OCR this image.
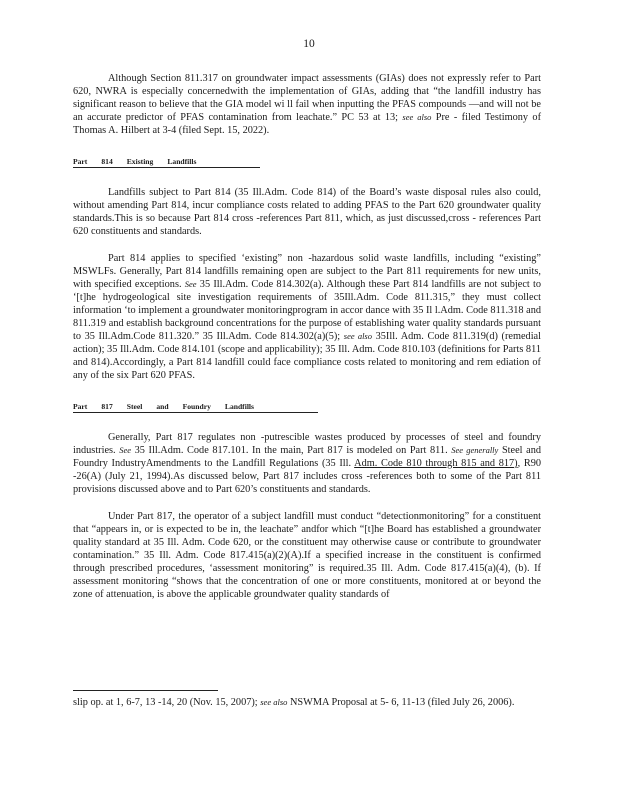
10

Although Section 811.317 on groundwater impact assessments (GIAs) does not expressly refer to Part 620, NWRA is especially concernedwith the implementation of GIAs, adding that “the landfill industry has significant reason to believe that the GIA model wi ll fail when inputting the PFAS compounds —and will not be an accurate predictor of PFAS contamination from leachate.” PC 53 at 13; see also Pre - filed Testimony of Thomas A. Hilbert at 3-4 (filed Sept. 15, 2022).

Part 814 Existing Landfills

Landfills subject to Part 814 (35 Ill.Adm. Code 814) of the Board’s waste disposal rules also could, without amending Part 814, incur compliance costs related to adding PFAS to the Part 620 groundwater quality standards.This is so because Part 814 cross -references Part 811, which, as just discussed,cross - references Part 620 constituents and standards.

Part 814 applies to specified ‘existing” non -hazardous solid waste landfills, including “existing” MSWLFs. Generally, Part 814 landfills remaining open are subject to the Part 811 requirements for new units, with specified exceptions. See 35 Ill.Adm. Code 814.302(a). Although these Part 814 landfills are not subject to ‘[t]he hydrogeological site investigation requirements of 35Ill.Adm. Code 811.315,” they must collect information ‘to implement a groundwater monitoringprogram in accor dance with 35 Il l.Adm. Code 811.318 and 811.319 and establish background concentrations for the purpose of establishing water quality standards pursuant to 35 Ill.Adm.Code 811.320.” 35 Ill.Adm. Code 814.302(a)(5); see also 35Ill. Adm. Code 811.319(d) (remedial action); 35 Ill.Adm. Code 814.101 (scope and applicability); 35 Ill. Adm. Code 810.103 (definitions for Parts 811 and 814).Accordingly, a Part 814 landfill could face compliance costs related to monitoring and rem ediation of any of the six Part 620 PFAS.

Part 817 Steel and Foundry Landfills

Generally, Part 817 regulates non -putrescible wastes produced by processes of steel and foundry industries. See 35 Ill.Adm. Code 817.101. In the main, Part 817 is modeled on Part 811. See generally Steel and Foundry IndustryAmendments to the Landfill Regulations (35 Ill. Adm. Code 810 through 815 and 817), R90 -26(A) (July 21, 1994).As discussed below, Part 817 includes cross -references both to some of the Part 811 provisions discussed above and to Part 620’s constituents and standards.

Under Part 817, the operator of a subject landfill must conduct “detectionmonitoring” for a constituent that “appears in, or is expected to be in, the leachate” andfor which “[t]he Board has established a groundwater quality standard at 35 Ill. Adm. Code 620, or the constituent may otherwise cause or contribute to groundwater contamination.” 35 Ill. Adm. Code 817.415(a)(2)(A).If a specified increase in the constituent is confirmed through prescribed procedures, ‘assessment monitoring” is required.35 Ill. Adm. Code 817.415(a)(4), (b). If assessment monitoring “shows that the concentration of one or more constituents, monitored at or beyond the zone of attenuation, is above the applicable groundwater quality standards of

slip op. at 1, 6-7, 13 -14, 20 (Nov. 15, 2007); see also NSWMA Proposal at 5- 6, 11-13 (filed July 26, 2006).
